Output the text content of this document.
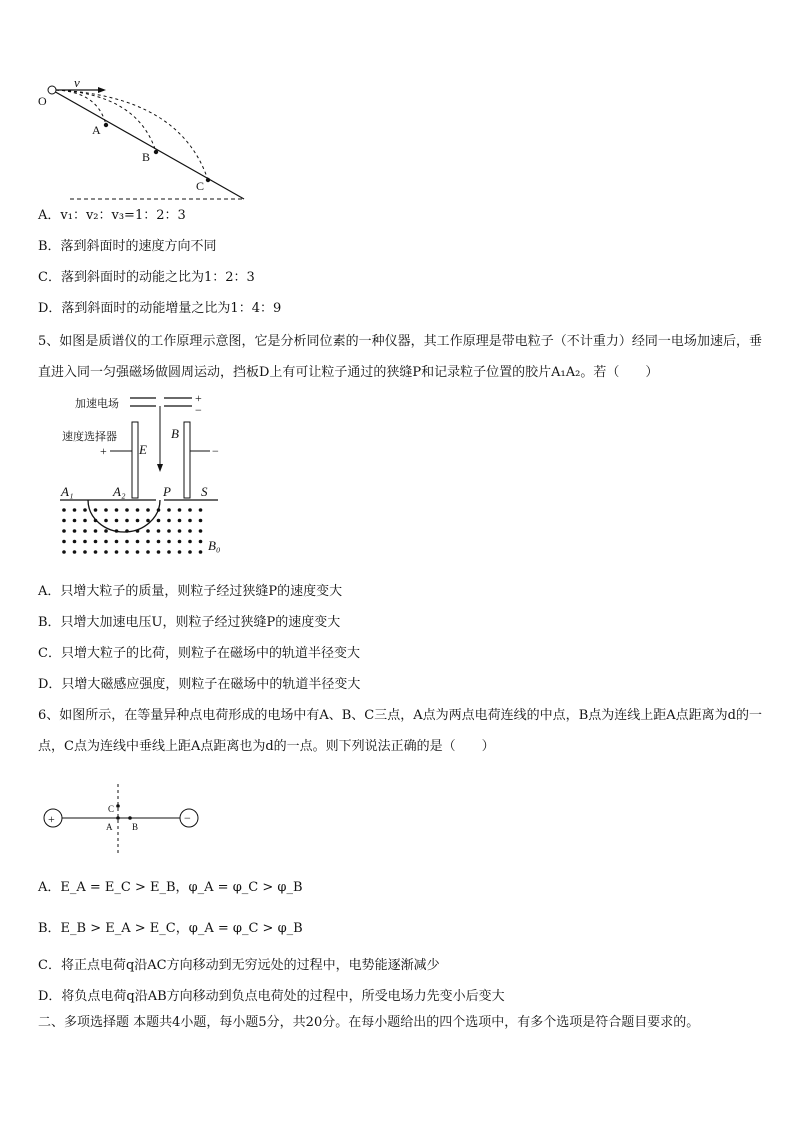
O
v
A
B
C
A．v₁：v₂：v₃=1：2：3
B．落到斜面时的速度方向不同
C．落到斜面时的动能之比为1：2：3
D．落到斜面时的动能增量之比为1：4：9
5、如图是质谱仪的工作原理示意图，它是分析同位素的一种仪器，其工作原理是带电粒子（不计重力）经同一电场加速后，垂直进入同一匀强磁场做圆周运动，挡板D上有可让粒子通过的狭缝P和记录粒子位置的胶片A₁A₂。若（　　）
加速电场	+
−
速度选择器
+	−
E
B
A₁	A₂	P S
B₀
A．只增大粒子的质量，则粒子经过狭缝P的速度变大
B．只增大加速电压U，则粒子经过狭缝P的速度变大
C．只增大粒子的比荷，则粒子在磁场中的轨道半径变大
D．只增大磁感应强度，则粒子在磁场中的轨道半径变大
6、如图所示，在等量异种点电荷形成的电场中有A、B、C三点，A点为两点电荷连线的中点，B点为连线上距A点距离为d的一点，C点为连线中垂线上距A点距离也为d的一点。则下列说法正确的是（　　）
+	−
C
A B
A．E_A = E_C > E_B，φ_A = φ_C > φ_B
B．E_B > E_A > E_C，φ_A = φ_C > φ_B
C．将正点电荷q沿AC方向移动到无穷远处的过程中，电势能逐渐减少
D．将负点电荷q沿AB方向移动到负点电荷处的过程中，所受电场力先变小后变大
二、多项选择题 本题共4小题，每小题5分，共20分。在每小题给出的四个选项中，有多个选项是符合题目要求的。
